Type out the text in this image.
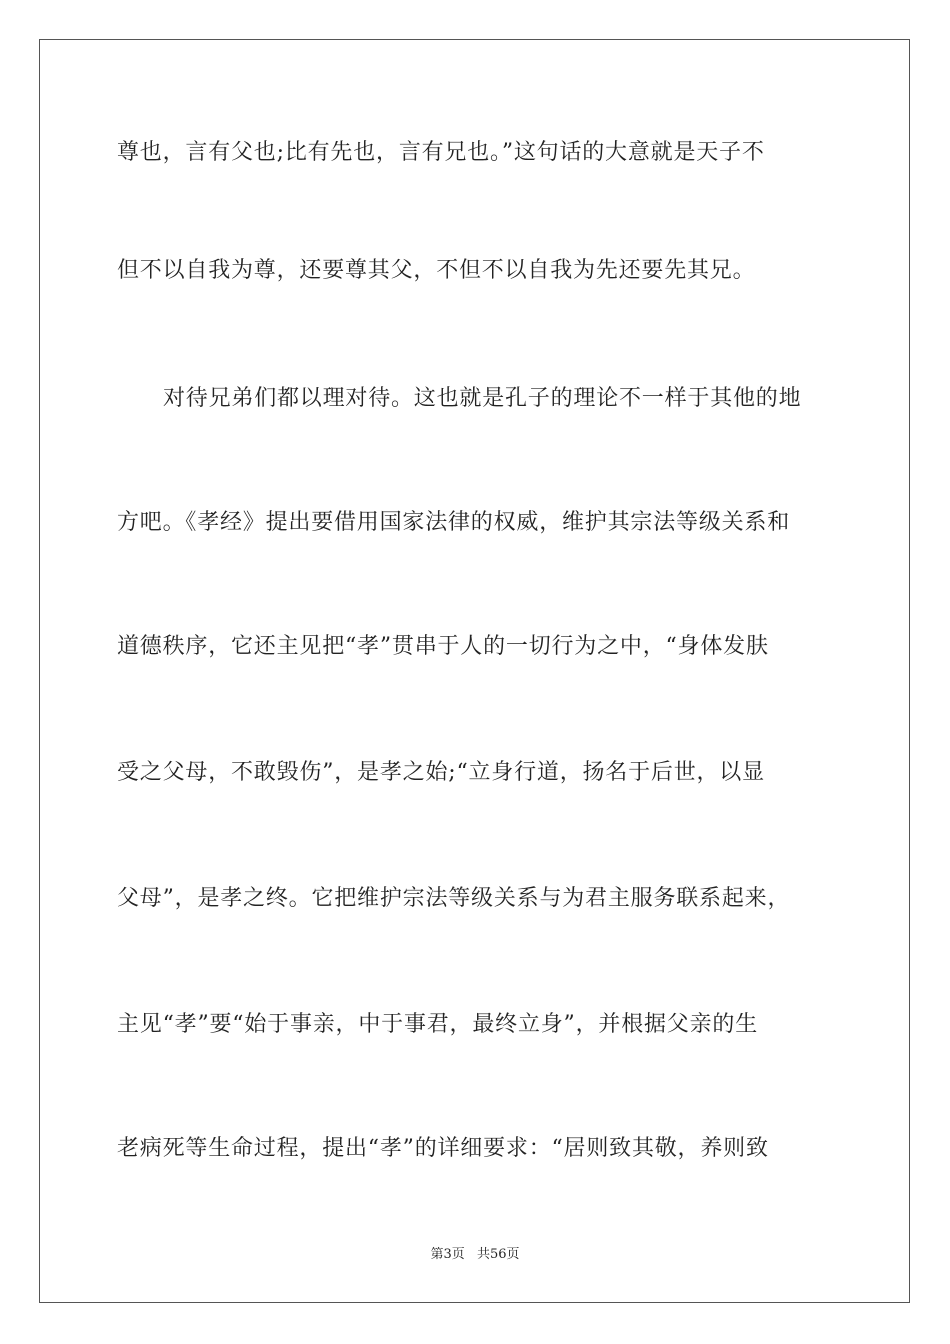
尊也，言有父也;比有先也，言有兄也。”这句话的大意就是天子不
但不以自我为尊，还要尊其父，不但不以自我为先还要先其兄。
对待兄弟们都以理对待。这也就是孔子的理论不一样于其他的地
方吧。《孝经》提出要借用国家法律的权威，维护其宗法等级关系和
道德秩序，它还主见把“孝”贯串于人的一切行为之中，“身体发肤
受之父母，不敢毁伤”，是孝之始;“立身行道，扬名于后世，以显
父母”，是孝之终。它把维护宗法等级关系与为君主服务联系起来，
主见“孝”要“始于事亲，中于事君，最终立身”，并根据父亲的生
老病死等生命过程，提出“孝”的详细要求：“居则致其敬，养则致
第3页 共56页
